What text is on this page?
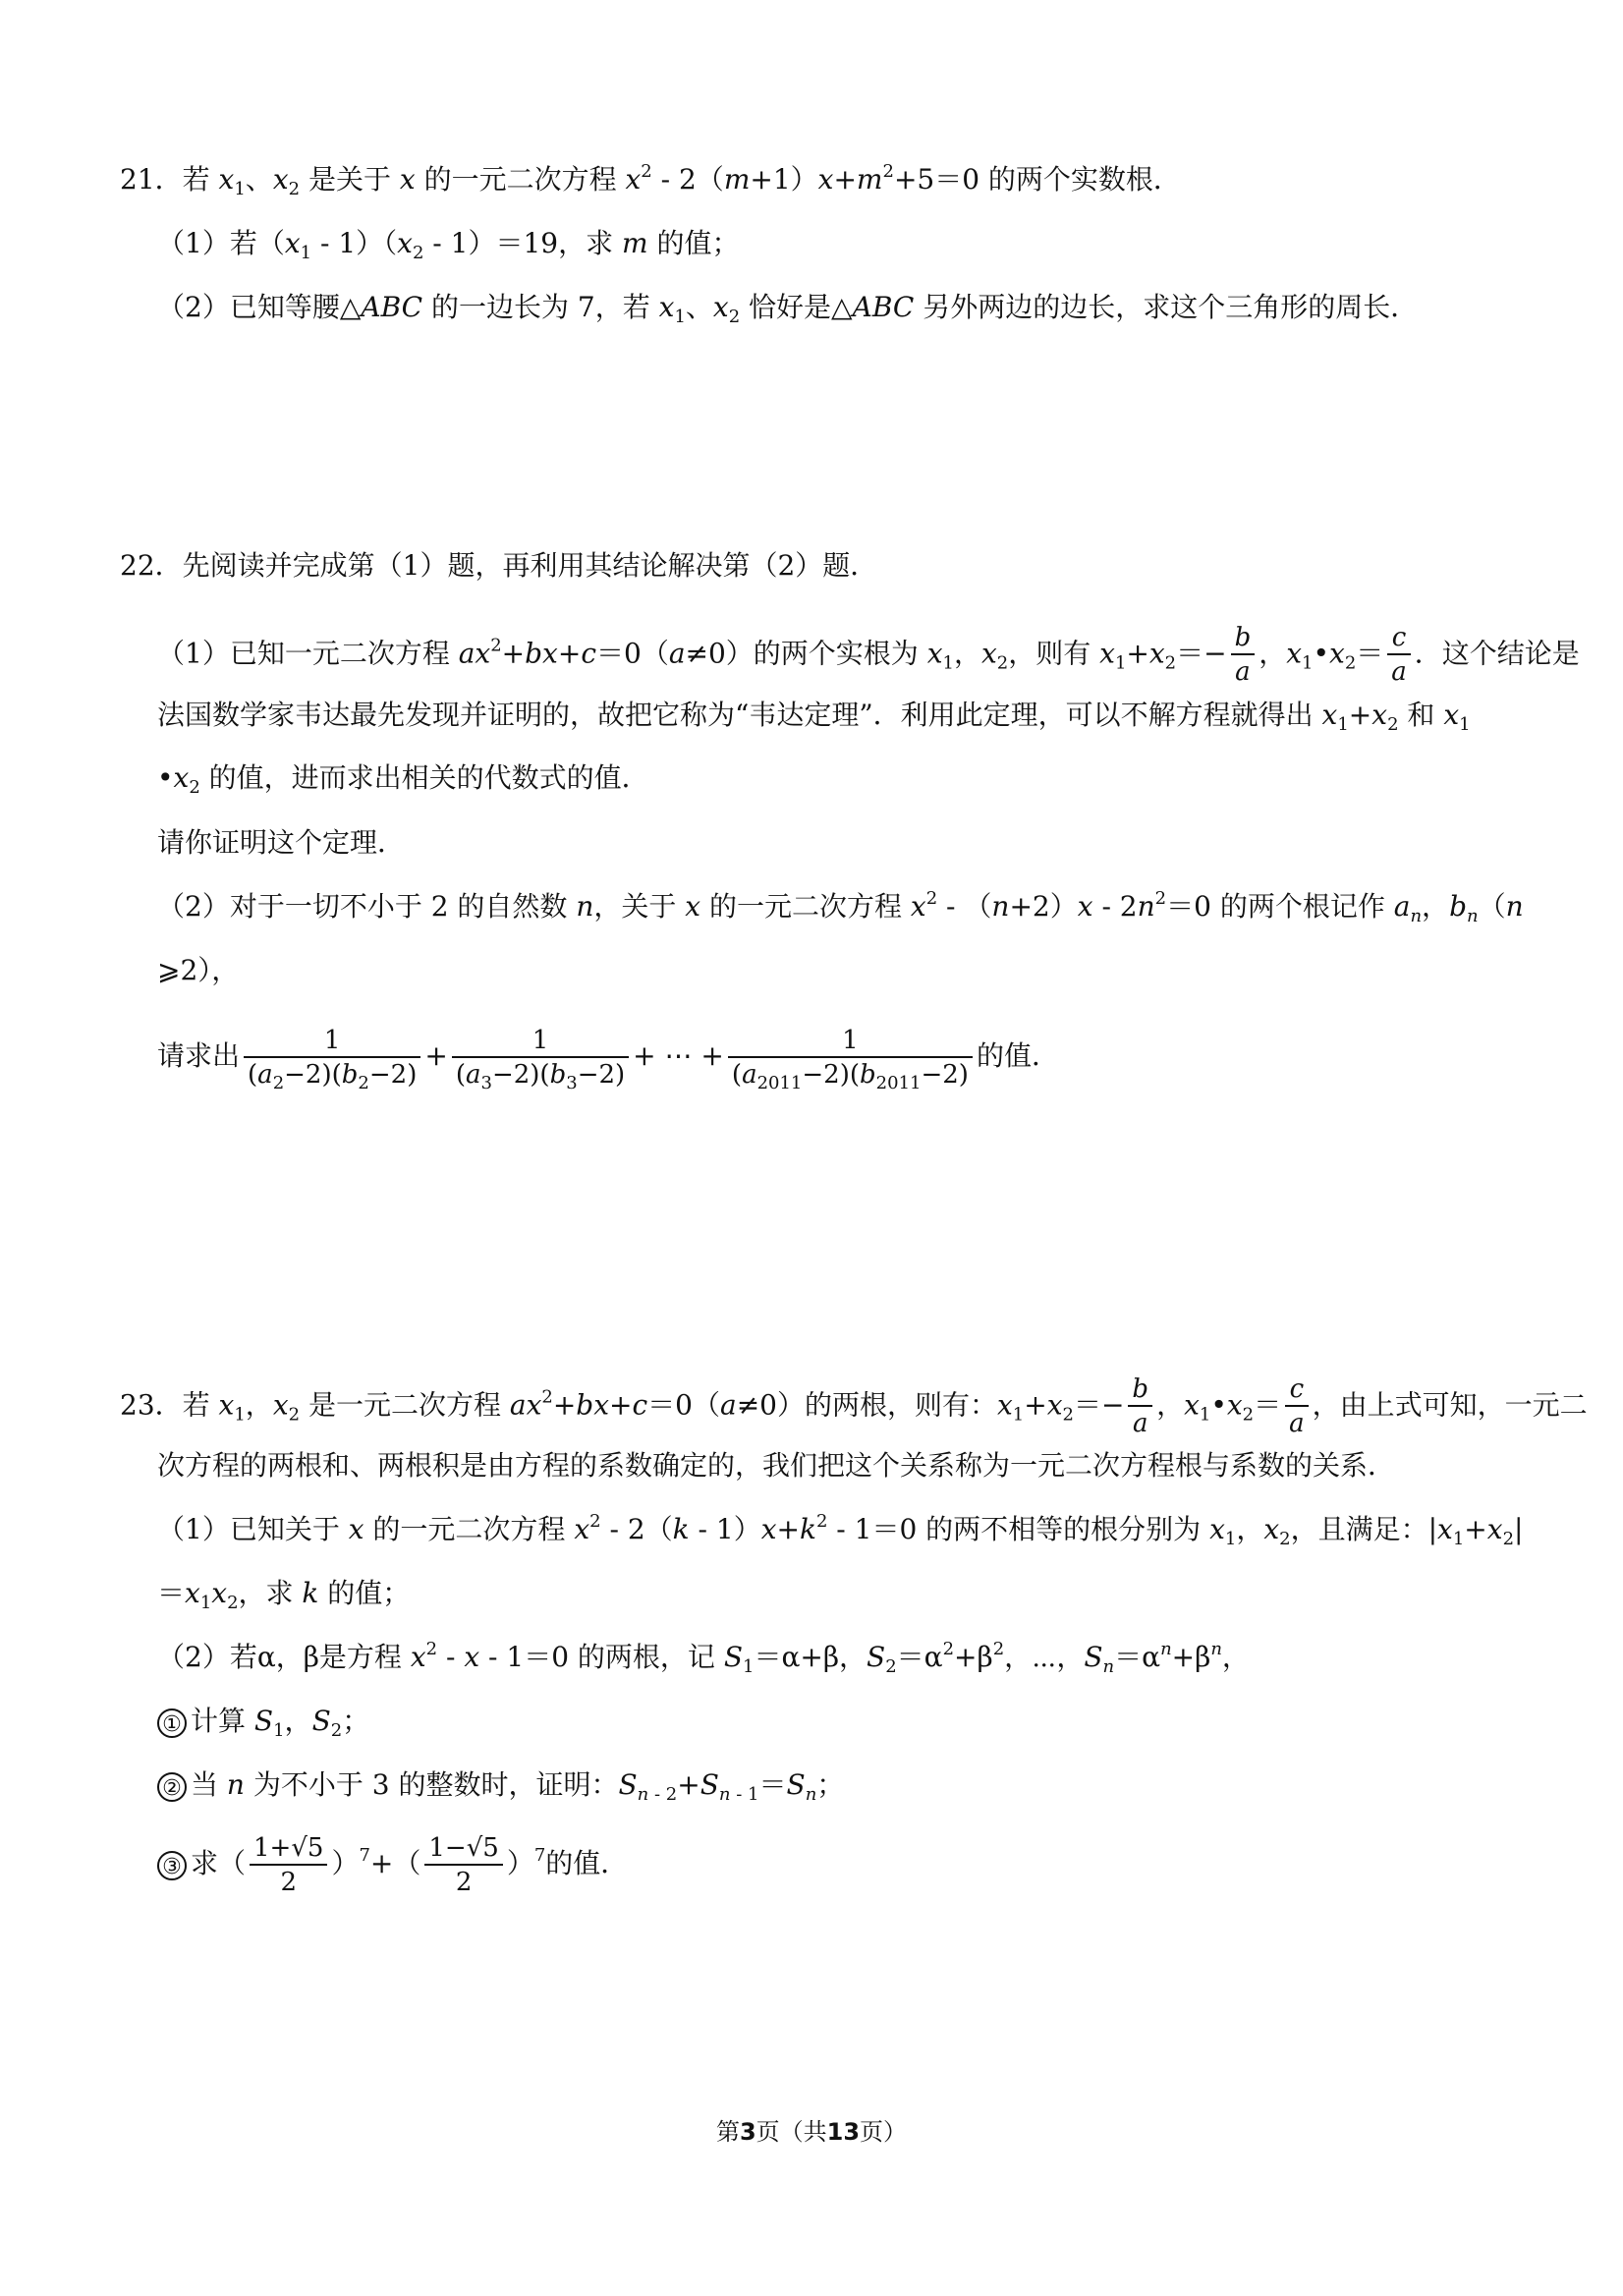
21．若 $x_1$、$x_2$ 是关于 x 的一元二次方程 $x^2 - 2(m+1)x+m^2+5=0$ 的两个实数根．
（1）若$(x_1 - 1)(x_2 - 1)=19$，求 m 的值；
（2）已知等腰△ABC 的一边长为 7，若 $x_1$、$x_2$ 恰好是△ABC 另外两边的边长，求这个三角形的周长．
22．先阅读并完成第（1）题，再利用其结论解决第（2）题．
（1）已知一元二次方程 $ax^2+bx+c=0(a\ne 0)$的两个实根为 $x_1$，$x_2$，则有 $x_1+x_2=- \frac{b}{a}$ ，$x_1•x_2= \frac{c}{a}$ ．这个结论是
法国数学家韦达最先发现并证明的，故把它称为“韦达定理”．利用此定理，可以不解方程就得出 $x_1+x_2$ 和 $x_1$
$•x_2$ 的值，进而求出相关的代数式的值．
请你证明这个定理．
（2）对于一切不小于 2 的自然数 n，关于 x 的一元二次方程 $x^2 - (n+2)x - 2n^2=0$ 的两个根记作 $a_n$，$b_n(n$
⩾2），
请求出 $\frac{1}{(a_2-2)(b_2-2)} + \frac{1}{(a_3-2)(b_3-2)}$ + ⋯ + $\frac{1}{(a_{2011}-2)(b_{2011}-2)}$ 的值．
23．若 $x_1$，$x_2$ 是一元二次方程 $ax^2+bx+c=0(a\ne 0)$的两根，则有：$x_1+x_2=- \frac{b}{a}$ ，$x_1•x_2= \frac{c}{a}$ ，由上式可知，一元二
次方程的两根和、两根积是由方程的系数确定的，我们把这个关系称为一元二次方程根与系数的关系．
（1）已知关于 x 的一元二次方程 $x^2 - 2(k - 1)x+k^2 - 1=0$ 的两不相等的根分别为 $x_1$，$x_2$，且满足：$|x_1+x_2|$
$=x_1x_2$，求 k 的值；
（2）若α，β是方程 $x^2 - x - 1=0$ 的两根，记 $S_1=\alpha+\beta$，$S_2=\alpha^2+\beta^2$，⋯，$S_n=\alpha^n+\beta^n$，
① 计算 $S_1$，$S_2$；
② 当 n 为不小于 3 的整数时，证明：$S_{n - 2}+S_{n - 1}=S_n$；
③ 求（ $\frac{1+√5}{2} )^7+( \frac{1-√5}{2} )^7$的值．
第3页（共13页）
